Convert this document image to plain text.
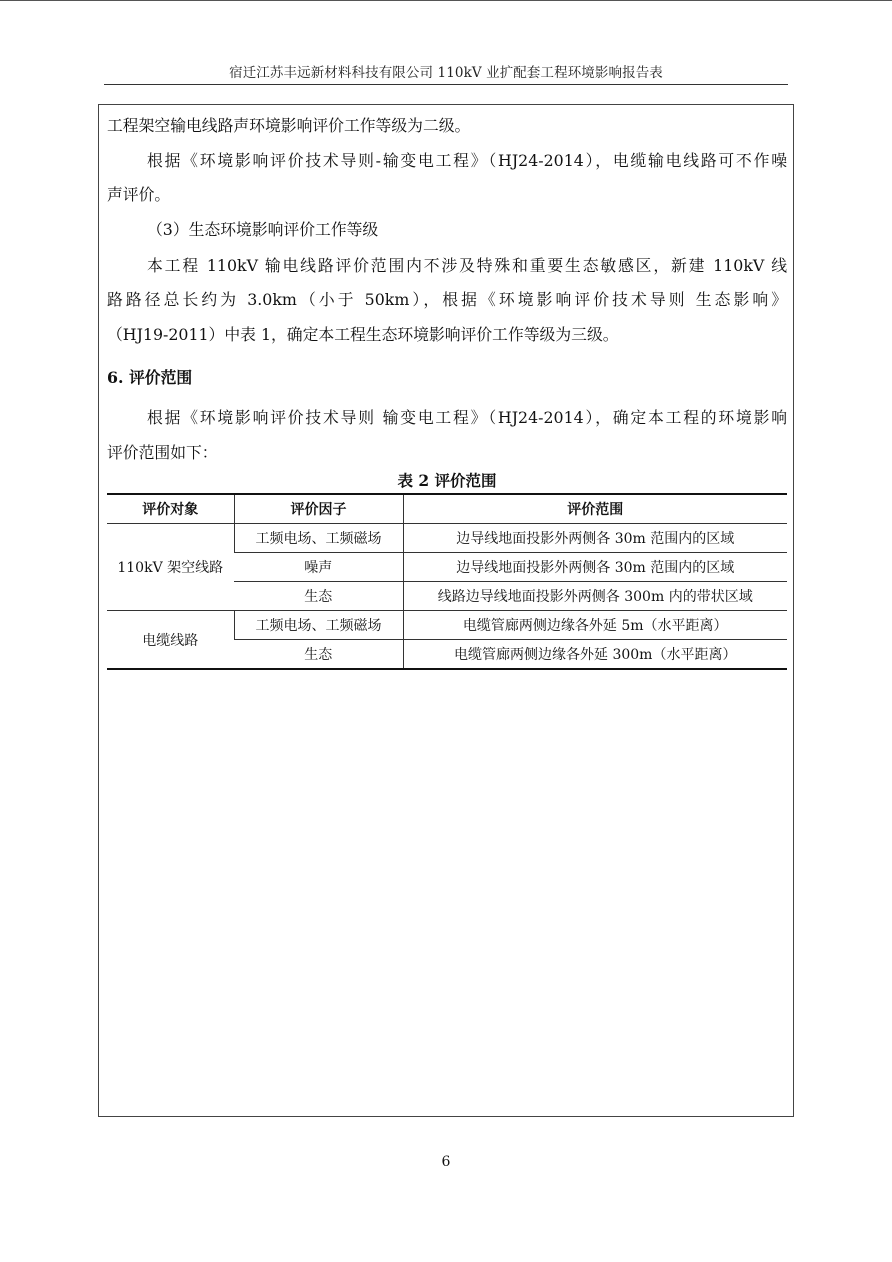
宿迁江苏丰远新材料科技有限公司 110kV 业扩配套工程环境影响报告表
工程架空输电线路声环境影响评价工作等级为二级。
根据《环境影响评价技术导则-输变电工程》（HJ24-2014），电缆输电线路可不作噪
声评价。
（3）生态环境影响评价工作等级
本工程 110kV 输电线路评价范围内不涉及特殊和重要生态敏感区，新建 110kV 线
路路径总长约为 3.0km（小于 50km），根据《环境影响评价技术导则 生态影响》
（HJ19-2011）中表 1，确定本工程生态环境影响评价工作等级为三级。
6. 评价范围
根据《环境影响评价技术导则 输变电工程》（HJ24-2014），确定本工程的环境影响
评价范围如下：
表 2 评价范围
评价对象	评价因子	评价范围
110kV 架空线路	工频电场、工频磁场	边导线地面投影外两侧各 30m 范围内的区域
	噪声	边导线地面投影外两侧各 30m 范围内的区域
	生态	线路边导线地面投影外两侧各 300m 内的带状区域
电缆线路	工频电场、工频磁场	电缆管廊两侧边缘各外延 5m（水平距离）
	生态	电缆管廊两侧边缘各外延 300m（水平距离）
6
